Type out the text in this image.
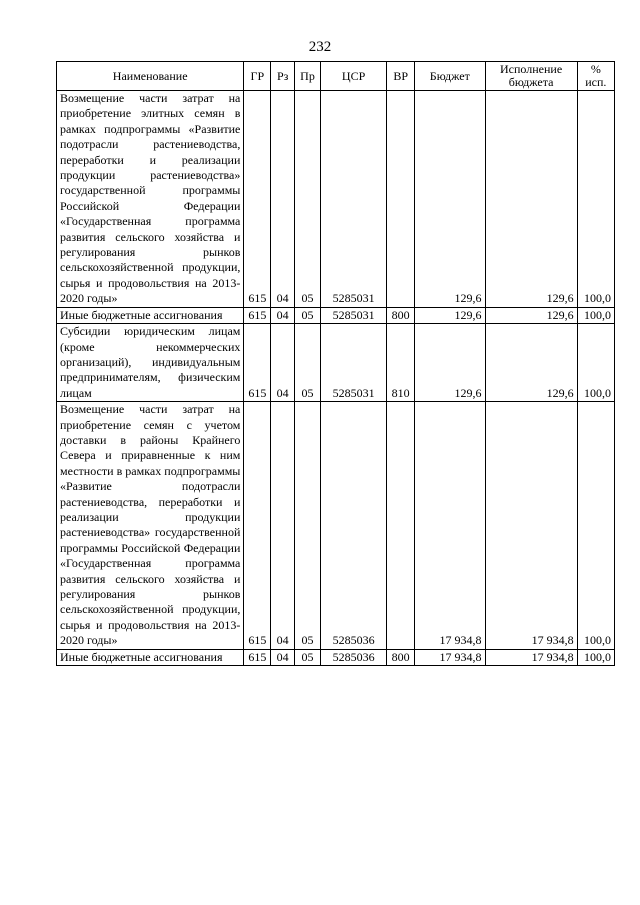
232
Наименование	ГР	Рз	Пр	ЦСР	ВР	Бюджет	Исполнение бюджета	% исп.
Возмещение части затрат на приобретение элитных семян в рамках подпрограммы «Развитие подотрасли растениеводства, переработки и реализации продукции растениеводства» государственной программы Российской Федерации «Государственная программа развития сельского хозяйства и регулирования рынков сельскохозяйственной продукции, сырья и продовольствия на 2013-2020 годы»	615	04	05	5285031		129,6	129,6	100,0
Иные бюджетные ассигнования	615	04	05	5285031	800	129,6	129,6	100,0
Субсидии юридическим лицам (кроме некоммерческих организаций), индивидуальным предпринимателям, физическим лицам	615	04	05	5285031	810	129,6	129,6	100,0
Возмещение части затрат на приобретение семян с учетом доставки в районы Крайнего Севера и приравненные к ним местности в рамках подпрограммы «Развитие подотрасли растениеводства, переработки и реализации продукции растениеводства» государственной программы Российской Федерации «Государственная программа развития сельского хозяйства и регулирования рынков сельскохозяйственной продукции, сырья и продовольствия на 2013-2020 годы»	615	04	05	5285036		17 934,8	17 934,8	100,0
Иные бюджетные ассигнования	615	04	05	5285036	800	17 934,8	17 934,8	100,0
